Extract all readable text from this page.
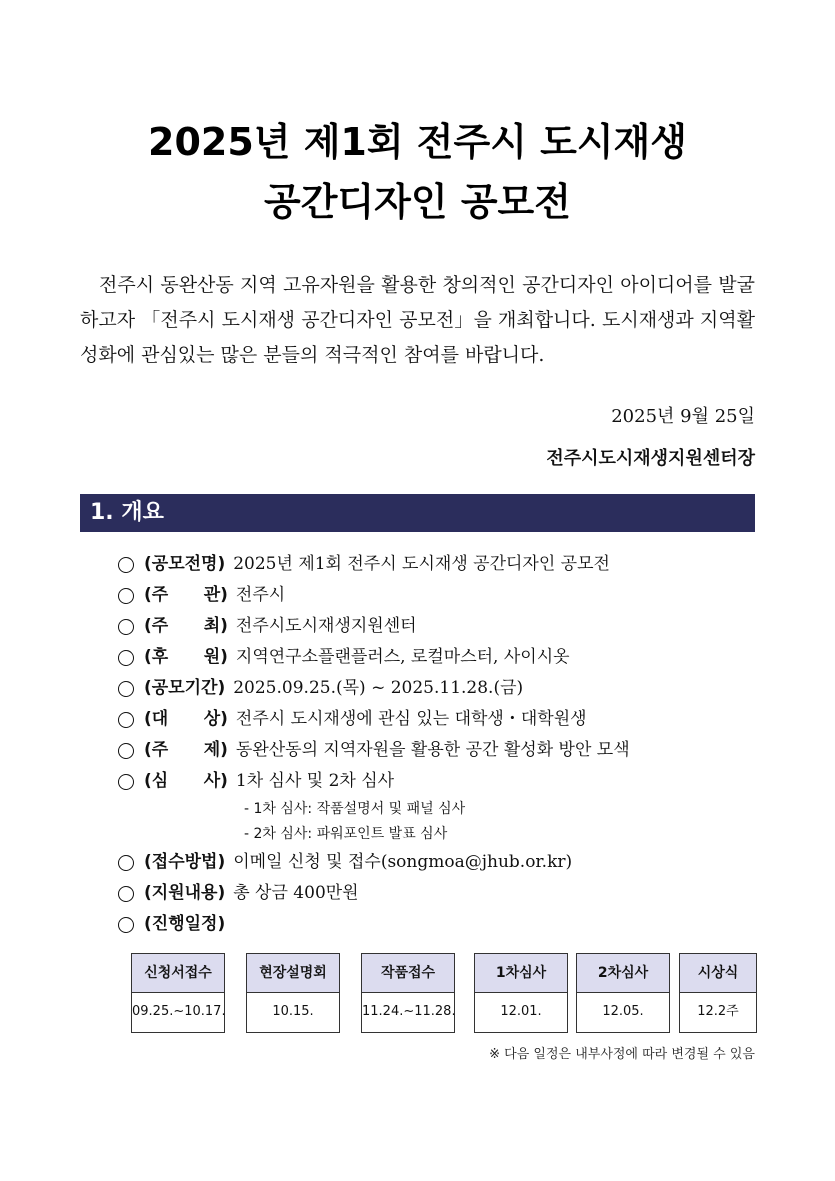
2025년 제1회 전주시 도시재생
공간디자인 공모전

전주시 동완산동 지역 고유자원을 활용한 창의적인 공간디자인 아이디어를 발굴하고자 「전주시 도시재생 공간디자인 공모전」을 개최합니다. 도시재생과 지역활성화에 관심있는 많은 분들의 적극적인 참여를 바랍니다.

2025년 9월 25일
전주시도시재생지원센터장
1. 개요
(공모전명) 2025년 제1회 전주시 도시재생 공간디자인 공모전
(주      관) 전주시
(주      최) 전주시도시재생지원센터
(후      원) 지역연구소플랜플러스, 로컬마스터, 사이시옷
(공모기간) 2025.09.25.(목) ~ 2025.11.28.(금)
(대      상) 전주시 도시재생에 관심 있는 대학생・대학원생
(주      제) 동완산동의 지역자원을 활용한 공간 활성화 방안 모색
(심      사) 1차 심사 및 2차 심사
- 1차 심사: 작품설명서 및 패널 심사
- 2차 심사: 파워포인트 발표 심사
(접수방법) 이메일 신청 및 접수(songmoa@jhub.or.kr)
(지원내용) 총 상금 400만원
(진행일정)
신청서접수
09.25.~10.17.
현장설명회
10.15.
작품접수
11.24.~11.28.
1차심사
12.01.
2차심사
12.05.
시상식
12.2주
※ 다음 일정은 내부사정에 따라 변경될 수 있음
